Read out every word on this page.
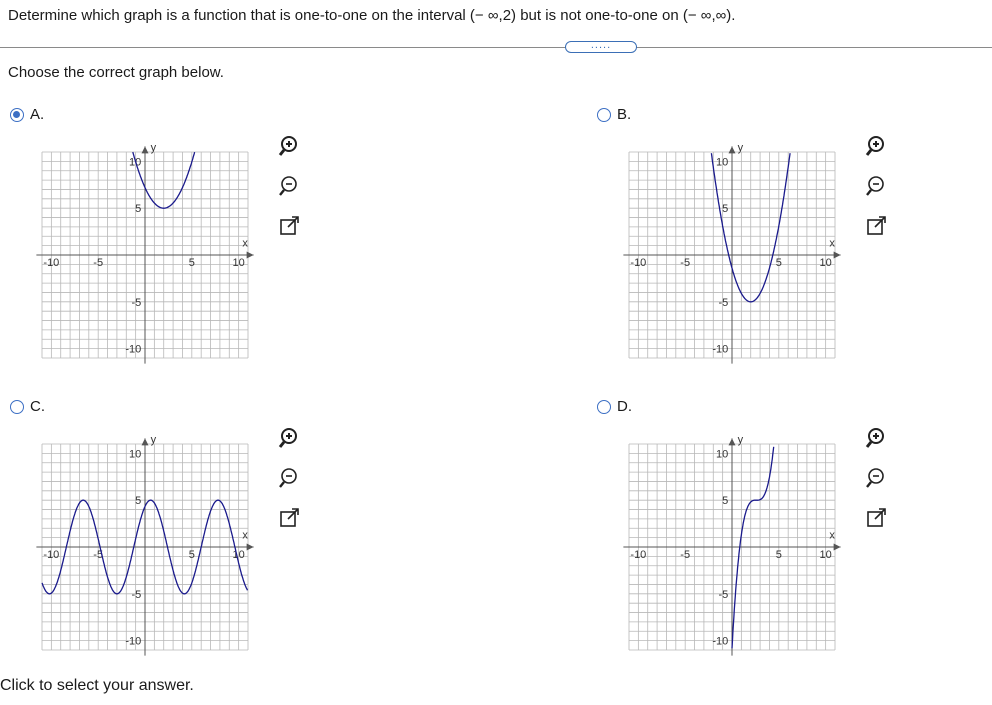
Determine which graph is a function that is one-to-one on the interval (− ∞,2) but is not one-to-one on (− ∞,∞).
.....
Choose the correct graph below.
A.	B.
C.	D.
x
y
-10	-5	5	10
10
5
-5
-10
x
y
-10	-5	5	10
10
5
-5
-10
x
y
-10	-5	5	10
10
5
-5
-10
x
y
-10	-5	5	10
10
5
-5
-10
Click to select your answer.
